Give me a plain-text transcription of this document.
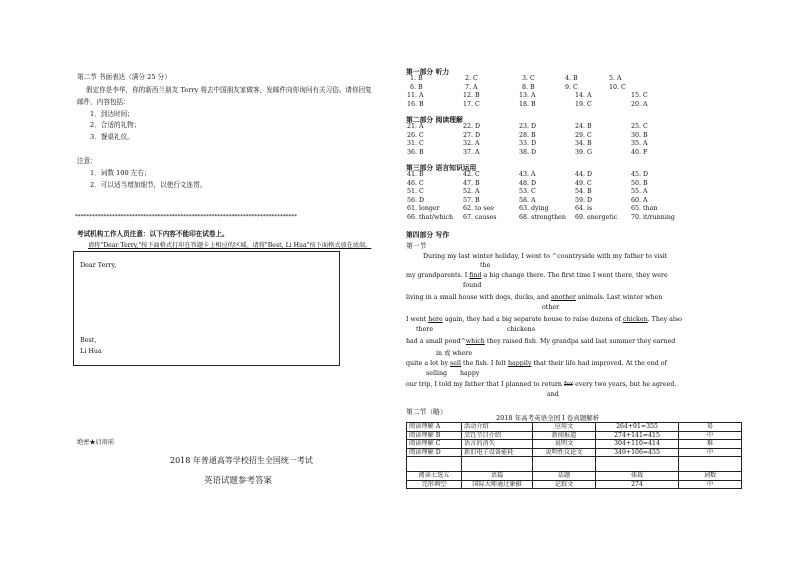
第二节 书面表达（满分 25 分）
假定你是李华，你的新西兰朋友 Terry 将去中国朋友家做客，发邮件向你询问有关习俗。请你回复
邮件，内容包括：
1．到达时间；
2．合适的礼物；
3．餐桌礼仪。
注意：
1．词数 100 左右；
2．可以适当增加细节，以使行文连贯。
******************************************************************************
考试机构工作人员注意：以下内容不能印在试卷上。
请将"Dear Terry,"按下面格式打印在答题卡上相应的区域。请将"Best, Li Hua"按下面格式放在底端。
Dear Terry,
Best,
Li Hua
绝密★启用前
2018 年普通高等学校招生全国统一考试
英语试题参考答案
第一部分 听力
1. B	2. C	3. C	4. B	5. A
6. B	7. A	8. B	9. C	10. C
11. A	12. B	13. A	14. A	15. C
16. B	17. C	18. B	19. C	20. A
第二部分 阅读理解
21. A	22. D	23. D	24. B	25. C
26. C	27. D	28. B	29. C	30. B
31. C	32. A	33. D	34. B	35. A
36. B	37. A	38. D	39. G	40. F
第三部分 语言知识运用
41. B	42. C	43. A	44. D	45. D
46. C	47. B	48. D	49. C	50. B
51. C	52. A	53. C	54. B	55. A
56. D	57. B	58. A	59. D	60. A
61. longer	62. to see	63. dying	64. is	65. than
66. that/which	67. causes	68. strengthen	69. energetic	70. it/running
第四部分 写作
第一节
During my last winter holiday, I went to ^countryside with my father to visit
the
my grandparents. I find a big change there. The first time I went there, they were
found
living in a small house with dogs, ducks, and another animals. Last winter when
other
I went here again, they had a big separate house to raise dozens of chicken. They also
there	chickens
had a small pond^which they raised fish. My grandpa said last summer they earned
in 或 where
quite a lot by sell the fish. I felt happily that their life had improved. At the end of
selling happy
our trip, I told my father that I planned to return for every two years, but he agreed.
and
第二节（略）
2018 年高考英语全国 I 卷真题解析
阅读理解 A	活动介绍	应用文	264+91=355	易
阅读理解 B	烹饪节目介绍	新闻报道	274+141=415	中
阅读理解 C	语言的消失	说明文	304+110=414	难
阅读理解 D	新旧电子设备能耗	说明性议论文	349+106=455	中

阅读七选五	语篇	话题	体裁	词数
完形填空	国际大师通过象棋	记叙文	274	中
